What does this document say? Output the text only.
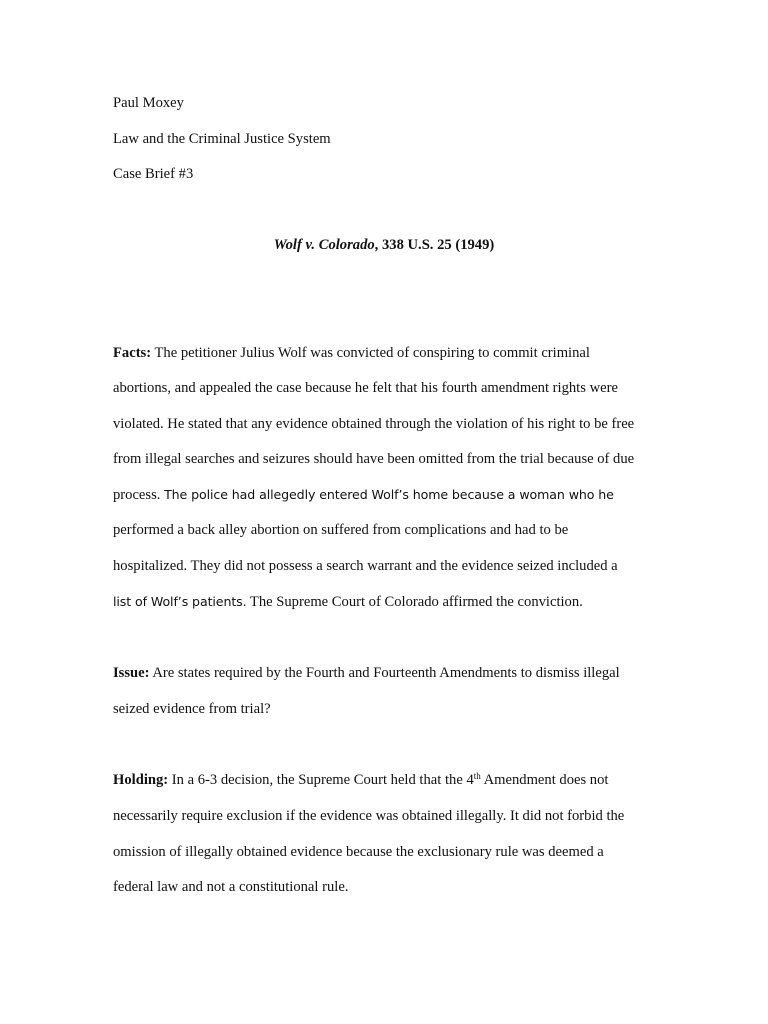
Paul Moxey
Law and the Criminal Justice System
Case Brief #3
Wolf v. Colorado, 338 U.S. 25 (1949)
Facts: The petitioner Julius Wolf was convicted of conspiring to commit criminal
abortions, and appealed the case because he felt that his fourth amendment rights were
violated. He stated that any evidence obtained through the violation of his right to be free
from illegal searches and seizures should have been omitted from the trial because of due
process. The police had allegedly entered Wolf’s home because a woman who he
performed a back alley abortion on suffered from complications and had to be
hospitalized. They did not possess a search warrant and the evidence seized included a
list of Wolf’s patients. The Supreme Court of Colorado affirmed the conviction.
Issue: Are states required by the Fourth and Fourteenth Amendments to dismiss illegal
seized evidence from trial?
Holding: In a 6-3 decision, the Supreme Court held that the 4th Amendment does not
necessarily require exclusion if the evidence was obtained illegally. It did not forbid the
omission of illegally obtained evidence because the exclusionary rule was deemed a
federal law and not a constitutional rule.
